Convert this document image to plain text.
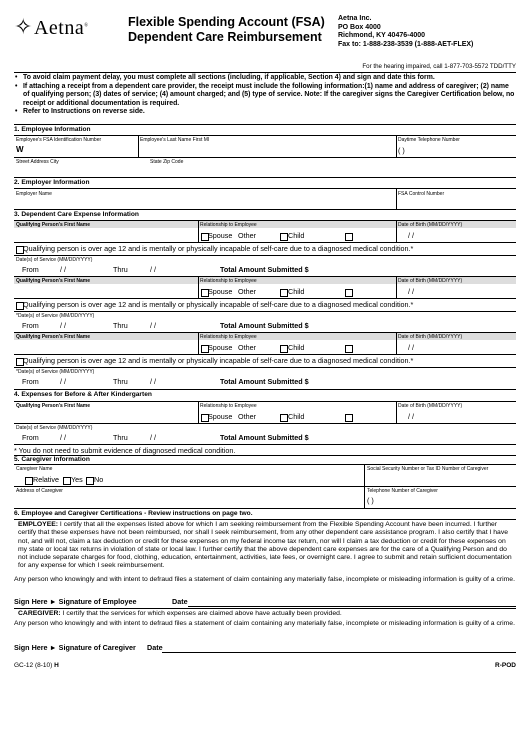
✧Aetna®	Flexible Spending Account (FSA)
Dependent Care Reimbursement
Aetna Inc.
PO Box 4000
Richmond, KY 40476-4000
Fax to: 1-888-238-3539 (1-888-AET-FLEX)
For the hearing impaired, call 1-877-703-5572 TDD/TTY
• To avoid claim payment delay, you must complete all sections (including, if applicable, Section 4) and sign and date this form.
• If attaching a receipt from a dependent care provider, the receipt must include the following information:(1) name and address of caregiver; (2) name of qualifying person; (3) dates of service; (4) amount charged; and (5) type of service. Note: If the caregiver signs the Caregiver Certification below, no receipt or additional documentation is required.
• Refer to Instructions on reverse side.
1. Employee Information
Employee's FSA Identification Number
W
Employee's Last Name First MI	Daytime Telephone Number
( )
Street Address City	State Zip Code
2. Employer Information
Employer Name	FSA Control Number
3. Dependent Care Expense Information
Qualifying Person's First Name	Relationship to Employee
Spouse Other	Child
Date of Birth (MM/DD/YYYY)
/ /
Qualifying person is over age 12 and is mentally or physically incapable of self-care due to a diagnosed medical condition.*
Date(s) of Service (MM/DD/YYYY)
From	/ /	Thru	/ /	Total Amount Submitted $
Qualifying Person's First Name	Relationship to Employee
Spouse Other	Child
Date of Birth (MM/DD/YYYY)
/ /
Qualifying person is over age 12 and is mentally or physically incapable of self-care due to a diagnosed medical condition.*
*Date(s) of Service (MM/DD/YYYY)
From	/ /	Thru	/ /	Total Amount Submitted $
Qualifying Person's First Name	Relationship to Employee
Spouse Other	Child
Date of Birth (MM/DD/YYYY)
/ /
Qualifying person is over age 12 and is mentally or physically incapable of self-care due to a diagnosed medical condition.*
*Date(s) of Service (MM/DD/YYYY)
From	/ /	Thru	/ /	Total Amount Submitted $
4. Expenses for Before & After Kindergarten
Qualifying Person's First Name	Relationship to Employee
Spouse Other	Child
Date of Birth (MM/DD/YYYY)
/ /
Date(s) of Service (MM/DD/YYYY)
From	/ /	Thru	/ /	Total Amount Submitted $
* You do not need to submit evidence of diagnosed medical condition.
5. Caregiver Information
Caregiver Name
Relative Yes No
Social Security Number or Tax ID Number of Caregiver
Address of Caregiver	Telephone Number of Caregiver
( )
6. Employee and Caregiver Certifications - Review instructions on page two.
EMPLOYEE: I certify that all the expenses listed above for which I am seeking reimbursement from the Flexible Spending Account have been incurred. I further certify that these expenses have not been reimbursed, nor shall I seek reimbursement, from any other dependent care assistance program. I also certify that I have not, and will not, claim a tax deduction or credit for these expenses on my federal income tax return, nor will I claim a tax deduction or credit for these expenses on my state or local tax returns in violation of state or local law. I further certify that the above dependent care expenses are for the care of a Qualifying Person and do not include separate charges for food, clothing, education, entertainment, activities, late fees, or overnight care. I agree to submit and retain sufficient documentation for any expense for which I seek reimbursement.
Any person who knowingly and with intent to defraud files a statement of claim containing any materially false, incomplete or misleading information is guilty of a crime.
Sign Here ► Signature of Employee	Date
CAREGIVER: I certify that the services for which expenses are claimed above have actually been provided.
Any person who knowingly and with intent to defraud files a statement of claim containing any materially false, incomplete or misleading information is guilty of a crime.
Sign Here ► Signature of Caregiver Date
GC-12 (8-10) H	R-POD
